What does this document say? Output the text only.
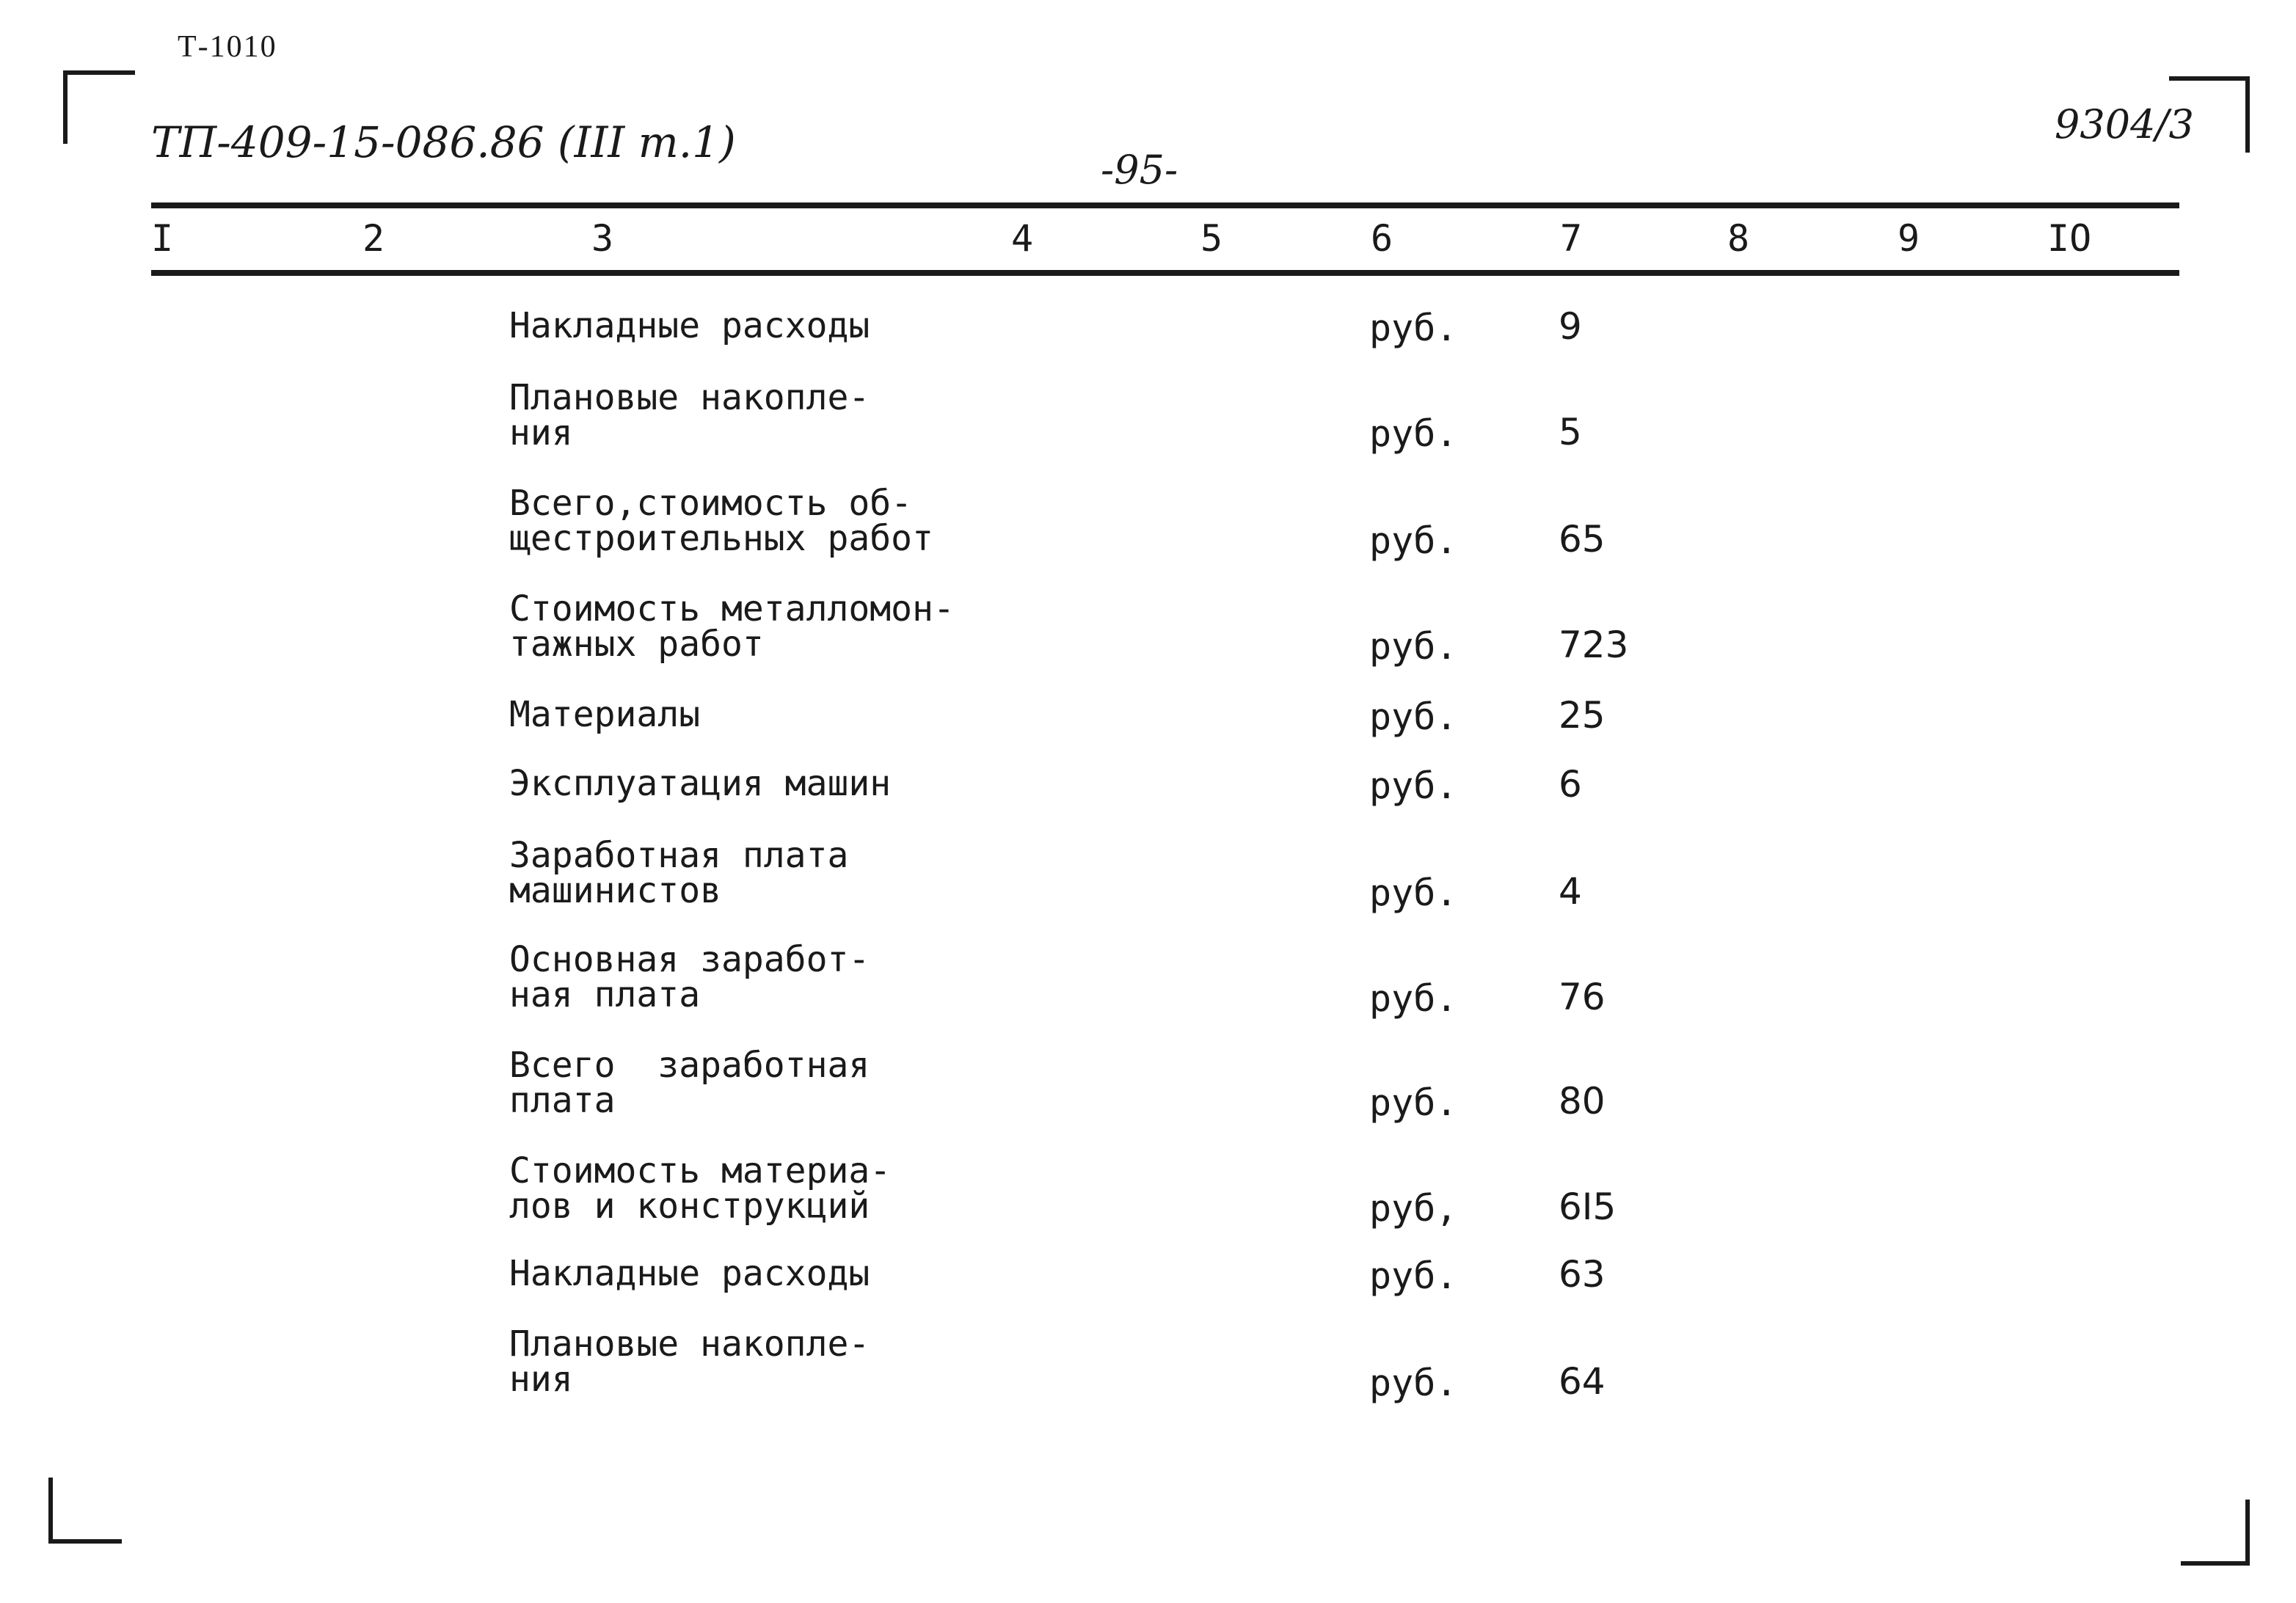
Т-1010
ТП-409-15-086.86 (ІІІ т.1)
-95-
9304/3
I	2	3	4	5	6	7	8	9	IO
Накладные расходы	руб.	9
Плановые накопле-
ния	руб.	5
Всего,стоимость об-
щестроительных работ	руб.	65
Стоимость металломон-
тажных работ	руб.	723
Материалы	руб.	25
Эксплуатация машин	руб.	6
Заработная плата
машинистов	руб.	4
Основная заработ-
ная плата	руб.	76
Всего  заработная
плата	руб.	80
Стоимость материа-
лов и конструкций	руб,	6I5
Накладные расходы	руб.	63
Плановые накопле-
ния	руб.	64
